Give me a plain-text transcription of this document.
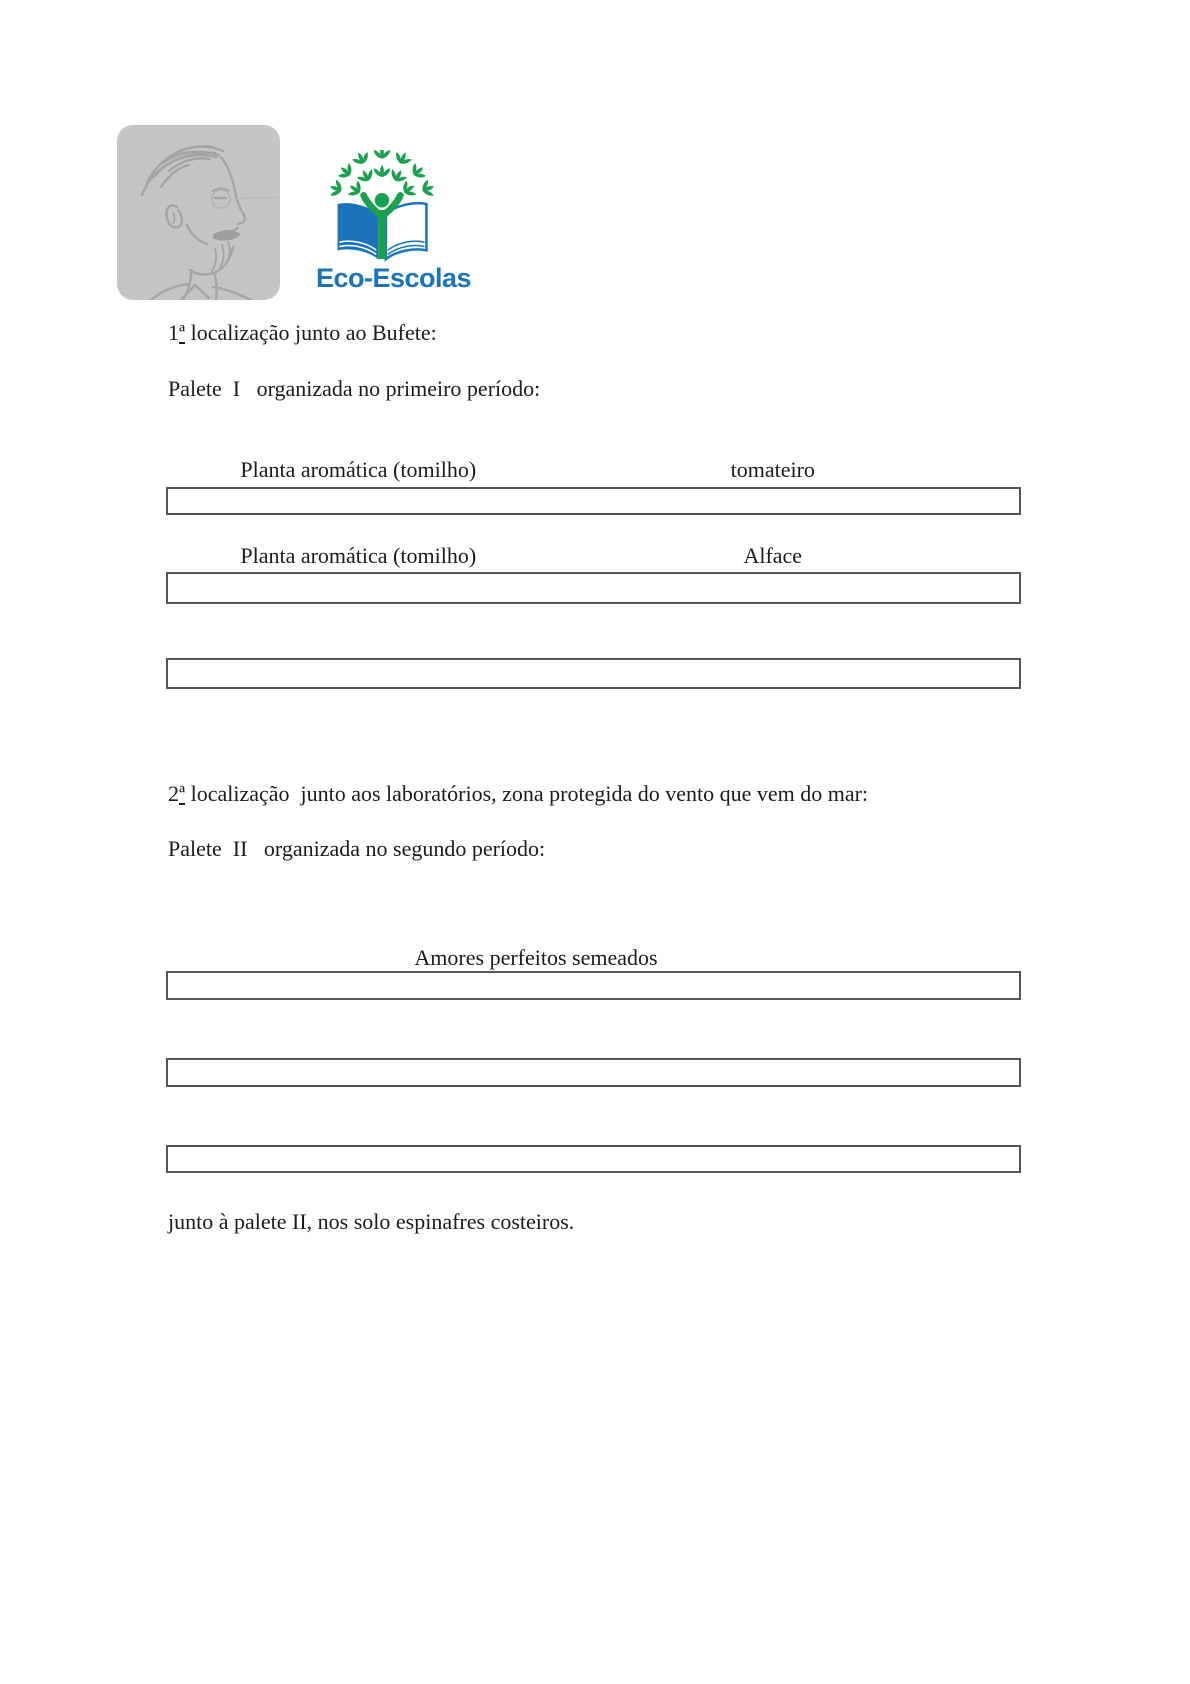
Eco-Escolas

1ª localização junto ao Bufete:

Palete  I   organizada no primeiro período:

Planta aromática (tomilho)	tomateiro
Planta aromática (tomilho)	Alface

2ª localização  junto aos laboratórios, zona protegida do vento que vem do mar:

Palete  II   organizada no segundo período:

Amores perfeitos semeados

junto à palete II, nos solo espinafres costeiros.
